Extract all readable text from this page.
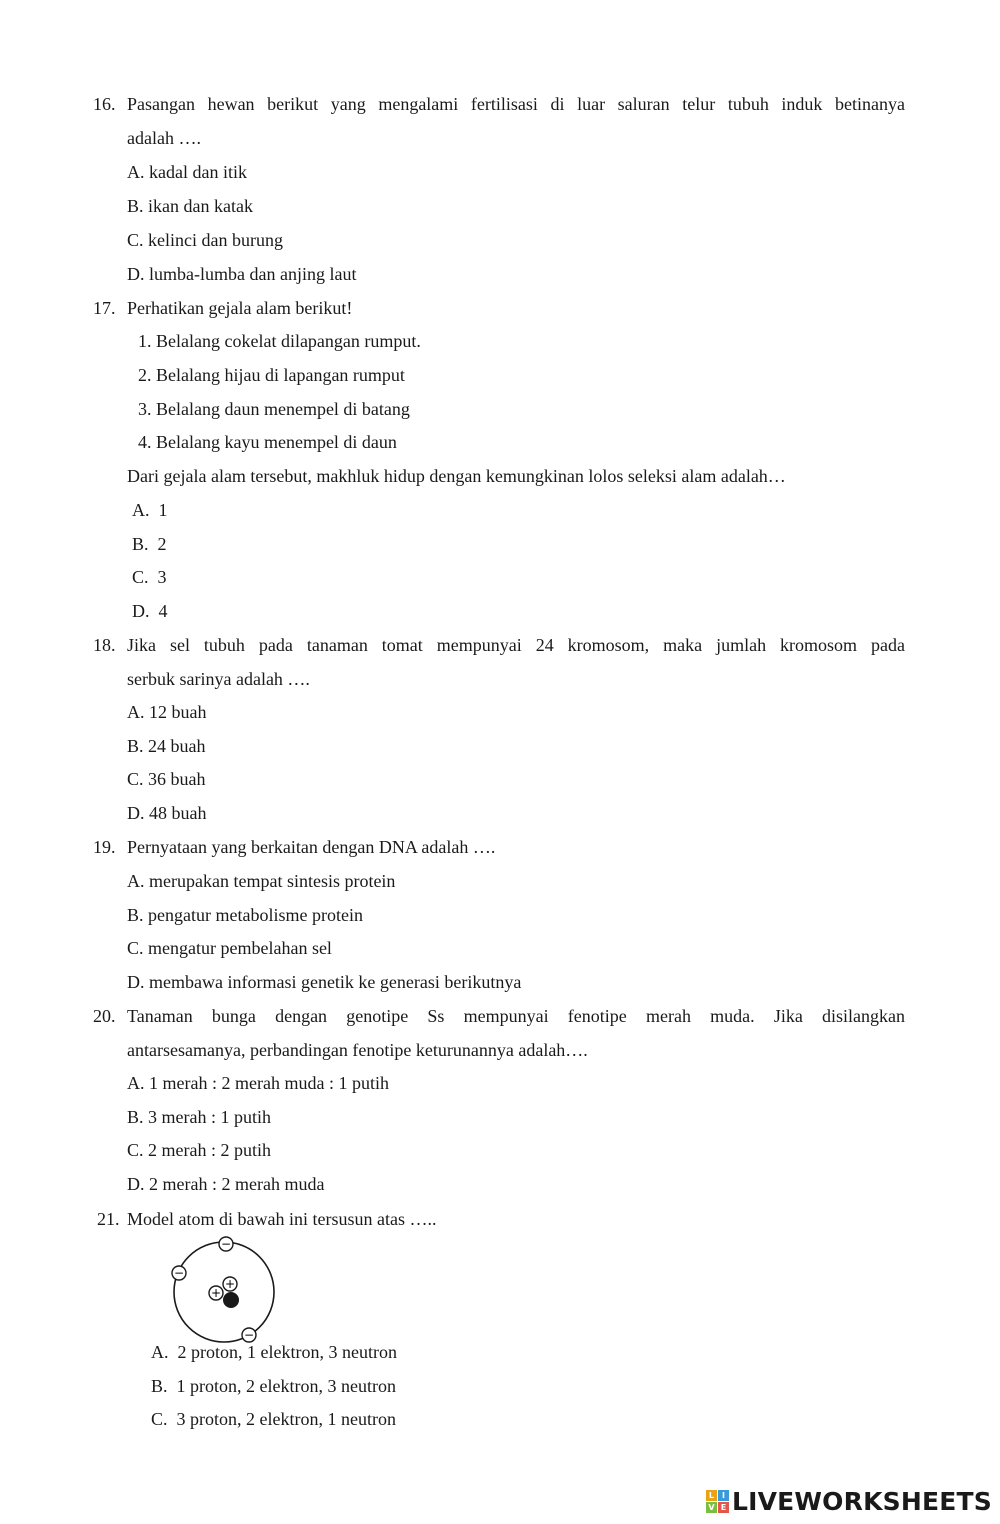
16. Pasangan hewan berikut yang mengalami fertilisasi di luar saluran telur tubuh induk betinanya
adalah ….
A. kadal dan itik
B. ikan dan katak
C. kelinci dan burung
D. lumba-lumba dan anjing laut
17. Perhatikan gejala alam berikut!
1. Belalang cokelat dilapangan rumput.
2. Belalang hijau di lapangan rumput
3. Belalang daun menempel di batang
4. Belalang kayu menempel di daun
Dari gejala alam tersebut, makhluk hidup dengan kemungkinan lolos seleksi alam adalah…
A.  1
B.  2
C.  3
D.  4
18. Jika sel tubuh pada tanaman tomat mempunyai 24 kromosom, maka jumlah kromosom pada
serbuk sarinya adalah ….
A. 12 buah
B. 24 buah
C. 36 buah
D. 48 buah
19. Pernyataan yang berkaitan dengan DNA adalah ….
A. merupakan tempat sintesis protein
B. pengatur metabolisme protein
C. mengatur pembelahan sel
D. membawa informasi genetik ke generasi berikutnya
20. Tanaman bunga dengan genotipe Ss mempunyai fenotipe merah muda. Jika disilangkan
antarsesamanya, perbandingan fenotipe keturunannya adalah….
A. 1 merah : 2 merah muda : 1 putih
B. 3 merah : 1 putih
C. 2 merah : 2 putih
D. 2 merah : 2 merah muda
21. Model atom di bawah ini tersusun atas …..
−
−
−
+
+
A.  2 proton, 1 elektron, 3 neutron
B.  1 proton, 2 elektron, 3 neutron
C.  3 proton, 2 elektron, 1 neutron
L I
V E LIVEWORKSHEETS
